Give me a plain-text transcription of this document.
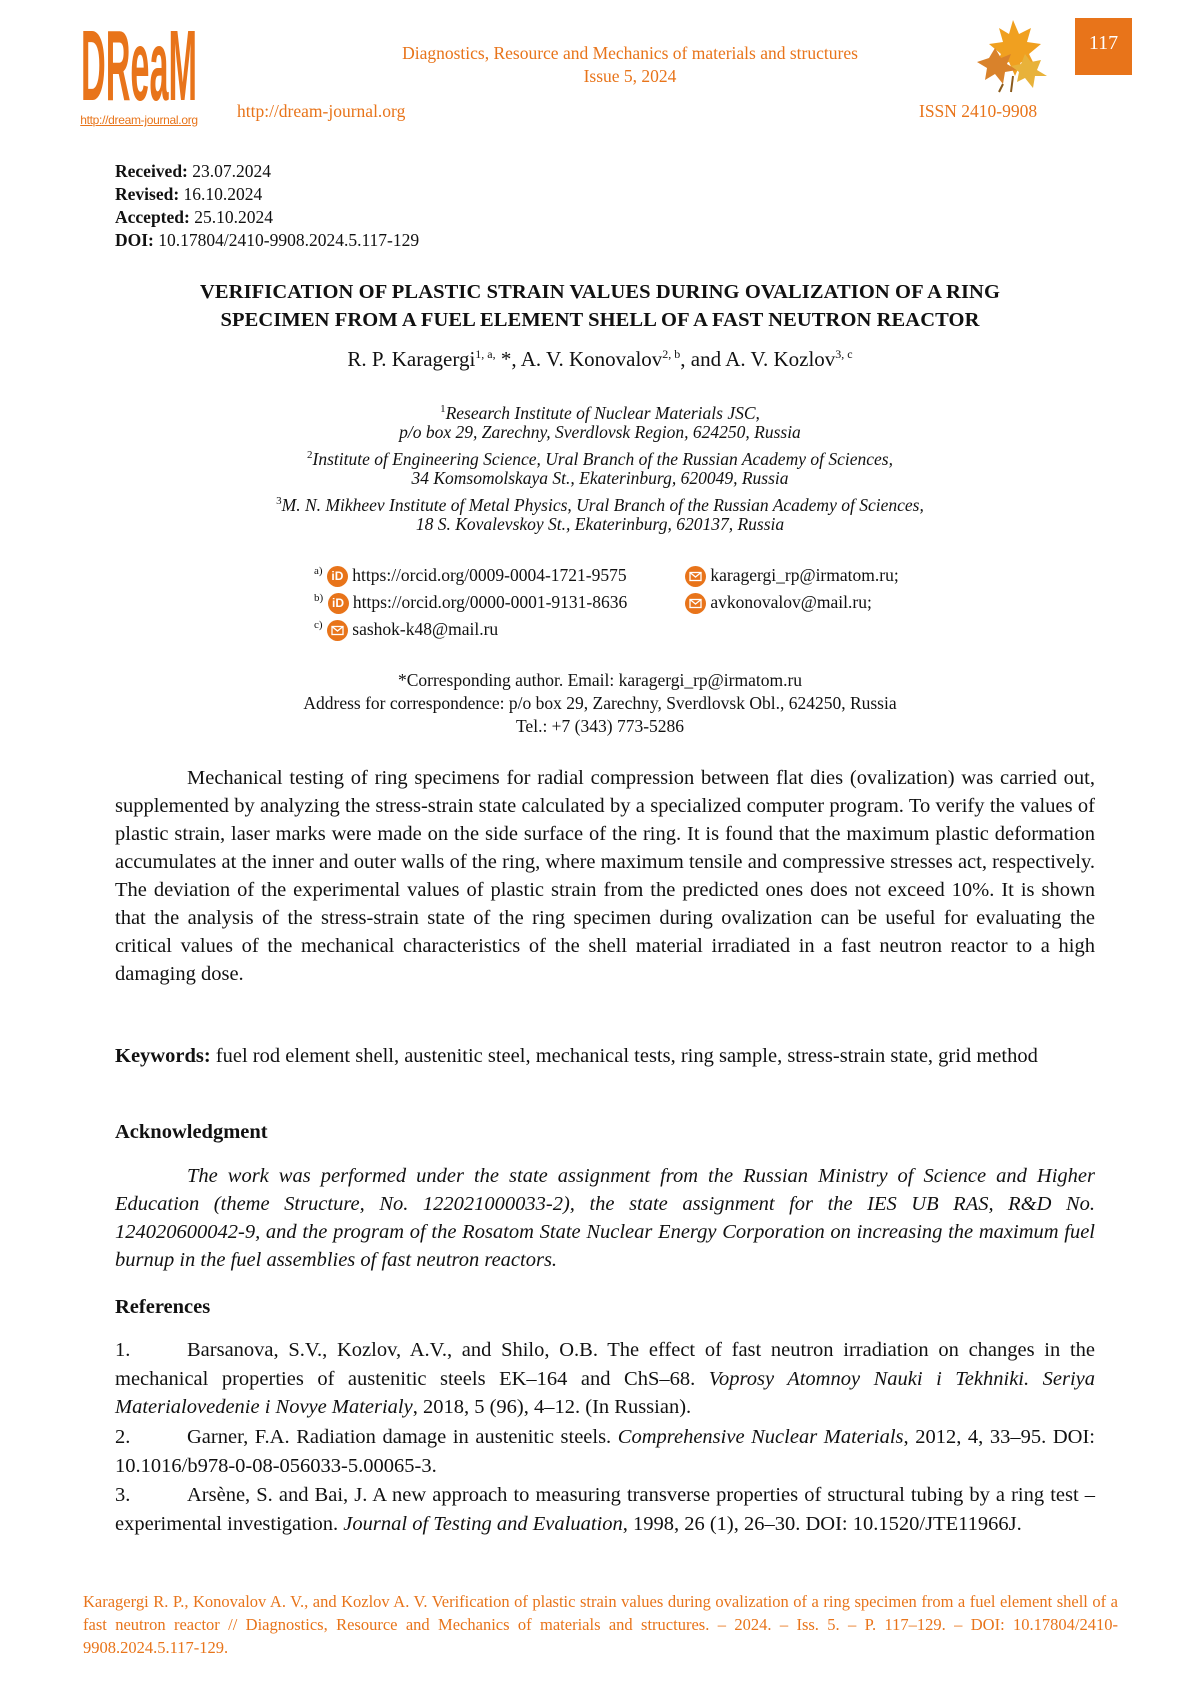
DReaM
http://dream-journal.org
Diagnostics, Resource and Mechanics of materials and structures
Issue 5, 2024
http://dream-journal.org	ISSN 2410-9908
117
Received: 23.07.2024
Revised: 16.10.2024
Accepted: 25.10.2024
DOI: 10.17804/2410-9908.2024.5.117-129
VERIFICATION OF PLASTIC STRAIN VALUES DURING OVALIZATION OF A RING
SPECIMEN FROM A FUEL ELEMENT SHELL OF A FAST NEUTRON REACTOR
R. P. Karagergi$^{1, a,}$ *, A. V. Konovalov$^{2, b}$, and A. V. Kozlov$^{3, c}$
$^1$Research Institute of Nuclear Materials JSC,
p/o box 29, Zarechny, Sverdlovsk Region, 624250, Russia
$^2$Institute of Engineering Science, Ural Branch of the Russian Academy of Sciences,
34 Komsomolskaya St., Ekaterinburg, 620049, Russia
$^3$M. N. Mikheev Institute of Metal Physics, Ural Branch of the Russian Academy of Sciences,
18 S. Kovalevskoy St., Ekaterinburg, 620137, Russia
$^{a)}$ iD https://orcid.org/0009-0004-1721-9575	karagergi_rp@irmatom.ru;
$^{b)}$ iD https://orcid.org/0000-0001-9131-8636	avkonovalov@mail.ru;
$^{c)}$ sashok-k48@mail.ru
*Corresponding author. Email: karagergi_rp@irmatom.ru
Address for correspondence: p/o box 29, Zarechny, Sverdlovsk Obl., 624250, Russia
Tel.: +7 (343) 773-5286
Mechanical testing of ring specimens for radial compression between flat dies (ovalization) was carried out, supplemented by analyzing the stress-strain state calculated by a specialized computer program. To verify the values of plastic strain, laser marks were made on the side surface of the ring. It is found that the maximum plastic deformation accumulates at the inner and outer walls of the ring, where maximum tensile and compressive stresses act, respectively. The deviation of the experimental values of plastic strain from the predicted ones does not exceed 10%. It is shown that the analysis of the stress-strain state of the ring specimen during ovalization can be useful for evaluating the critical values of the mechanical characteristics of the shell material irradiated in a fast neutron reactor to a high damaging dose.
Keywords: fuel rod element shell, austenitic steel, mechanical tests, ring sample, stress-strain state, grid method
Acknowledgment
The work was performed under the state assignment from the Russian Ministry of Science and Higher Education (theme Structure, No. 122021000033-2), the state assignment for the IES UB RAS, R&D No. 124020600042-9, and the program of the Rosatom State Nuclear Energy Corporation on increasing the maximum fuel burnup in the fuel assemblies of fast neutron reactors.
References
1.	Barsanova, S.V., Kozlov, A.V., and Shilo, O.B. The effect of fast neutron irradiation on changes in the mechanical properties of austenitic steels EK–164 and ChS–68. Voprosy Atomnoy Nauki i Tekhniki. Seriya Materialovedenie i Novye Materialy, 2018, 5 (96), 4–12. (In Russian).
2.	Garner, F.A. Radiation damage in austenitic steels. Comprehensive Nuclear Materials, 2012, 4, 33–95. DOI: 10.1016/b978-0-08-056033-5.00065-3.
3.	Arsène, S. and Bai, J. A new approach to measuring transverse properties of structural tubing by a ring test – experimental investigation. Journal of Testing and Evaluation, 1998, 26 (1), 26–30. DOI: 10.1520/JTE11966J.
Karagergi R. P., Konovalov A. V., and Kozlov A. V. Verification of plastic strain values during ovalization of a ring specimen from a fuel element shell of a fast neutron reactor // Diagnostics, Resource and Mechanics of materials and structures. – 2024. – Iss. 5. – P. 117–129. – DOI: 10.17804/2410-9908.2024.5.117-129.
